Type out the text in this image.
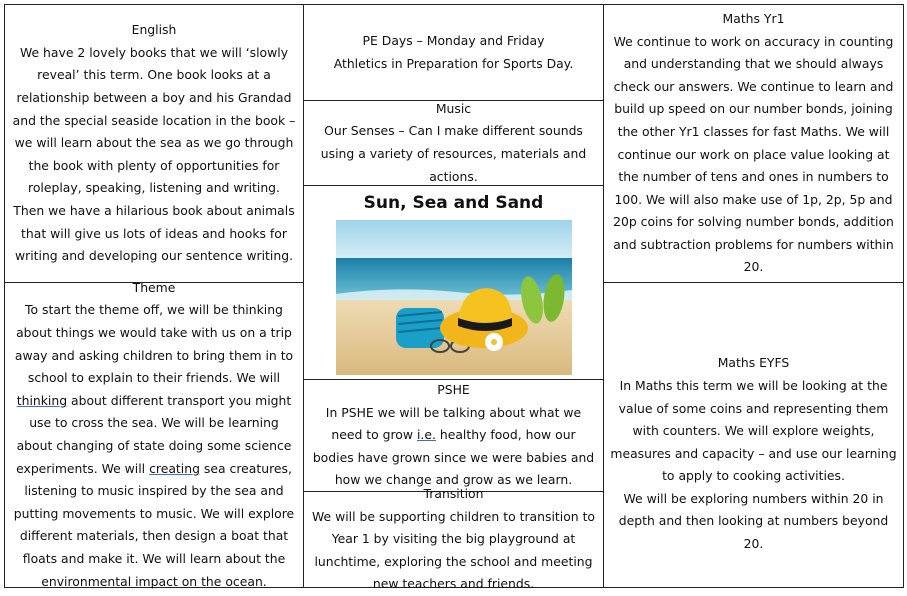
English
We have 2 lovely books that we will ‘slowly reveal’ this term. One book looks at a relationship between a boy and his Grandad and the special seaside location in the book – we will learn about the sea as we go through the book with plenty of opportunities for roleplay, speaking, listening and writing. Then we have a hilarious book about animals that will give us lots of ideas and hooks for writing and developing our sentence writing.
PE Days – Monday and Friday
Athletics in Preparation for Sports Day.
Music
Our Senses – Can I make different sounds using a variety of resources, materials and actions.
Sun, Sea and Sand
Maths Yr1
We continue to work on accuracy in counting and understanding that we should always check our answers. We continue to learn and build up speed on our number bonds, joining the other Yr1 classes for fast Maths. We will continue our work on place value looking at the number of tens and ones in numbers to 100. We will also make use of 1p, 2p, 5p and 20p coins for solving number bonds, addition and subtraction problems for numbers within 20.
Theme
To start the theme off, we will be thinking about things we would take with us on a trip away and asking children to bring them in to school to explain to their friends. We will thinking about different transport you might use to cross the sea. We will be learning about changing of state doing some science experiments. We will creating sea creatures, listening to music inspired by the sea and putting movements to music. We will explore different materials, then design a boat that floats and make it. We will learn about the environmental impact on the ocean.
PSHE
In PSHE we will be talking about what we need to grow i.e. healthy food, how our bodies have grown since we were babies and how we change and grow as we learn.
Transition
We will be supporting children to transition to Year 1 by visiting the big playground at lunchtime, exploring the school and meeting new teachers and friends.
Maths EYFS
In Maths this term we will be looking at the value of some coins and representing them with counters. We will explore weights, measures and capacity – and use our learning to apply to cooking activities.
We will be exploring numbers within 20 in depth and then looking at numbers beyond 20.
